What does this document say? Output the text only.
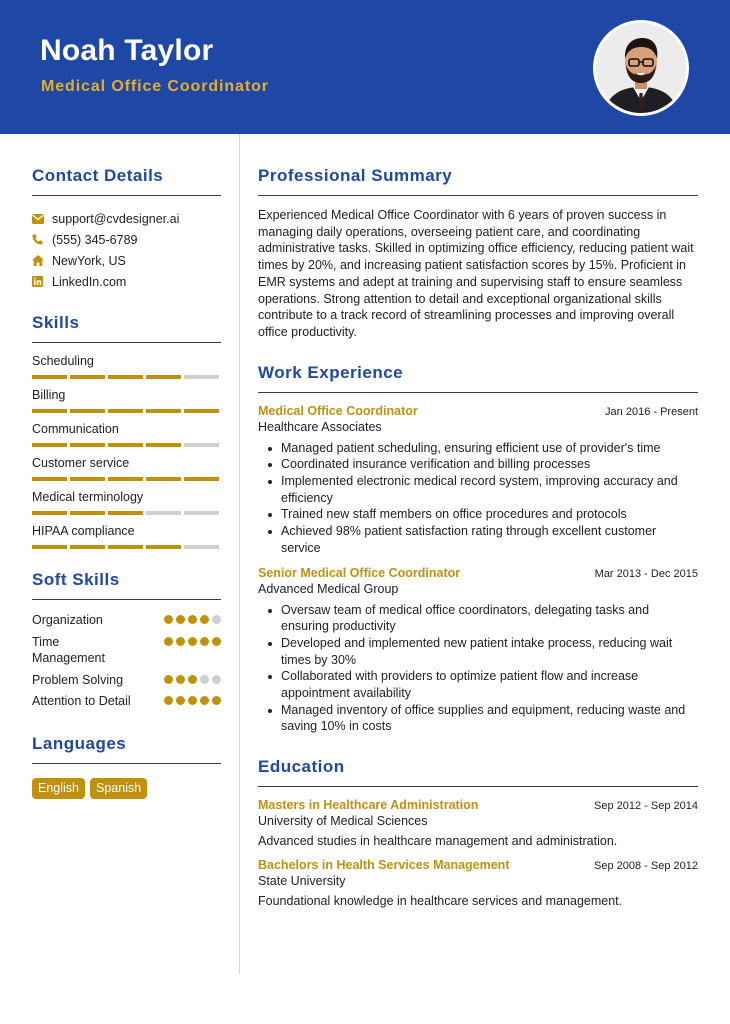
Noah Taylor
Medical Office Coordinator
Contact Details
support@cvdesigner.ai
(555) 345-6789
NewYork, US
LinkedIn.com
Skills
Scheduling
Billing
Communication
Customer service
Medical terminology
HIPAA compliance
Soft Skills
Organization
Time
Management
Problem Solving
Attention to Detail
Languages
English	Spanish
Professional Summary
Experienced Medical Office Coordinator with 6 years of proven success in managing daily operations, overseeing patient care, and coordinating administrative tasks. Skilled in optimizing office efficiency, reducing patient wait times by 20%, and increasing patient satisfaction scores by 15%. Proficient in EMR systems and adept at training and supervising staff to ensure seamless operations. Strong attention to detail and exceptional organizational skills contribute to a track record of streamlining processes and improving overall office productivity.
Work Experience
Medical Office Coordinator	Jan 2016 - Present
Healthcare Associates
Managed patient scheduling, ensuring efficient use of provider's time
Coordinated insurance verification and billing processes
Implemented electronic medical record system, improving accuracy and efficiency
Trained new staff members on office procedures and protocols
Achieved 98% patient satisfaction rating through excellent customer service
Senior Medical Office Coordinator	Mar 2013 - Dec 2015
Advanced Medical Group
Oversaw team of medical office coordinators, delegating tasks and ensuring productivity
Developed and implemented new patient intake process, reducing wait times by 30%
Collaborated with providers to optimize patient flow and increase appointment availability
Managed inventory of office supplies and equipment, reducing waste and saving 10% in costs
Education
Masters in Healthcare Administration	Sep 2012 - Sep 2014
University of Medical Sciences
Advanced studies in healthcare management and administration.
Bachelors in Health Services Management	Sep 2008 - Sep 2012
State University
Foundational knowledge in healthcare services and management.
